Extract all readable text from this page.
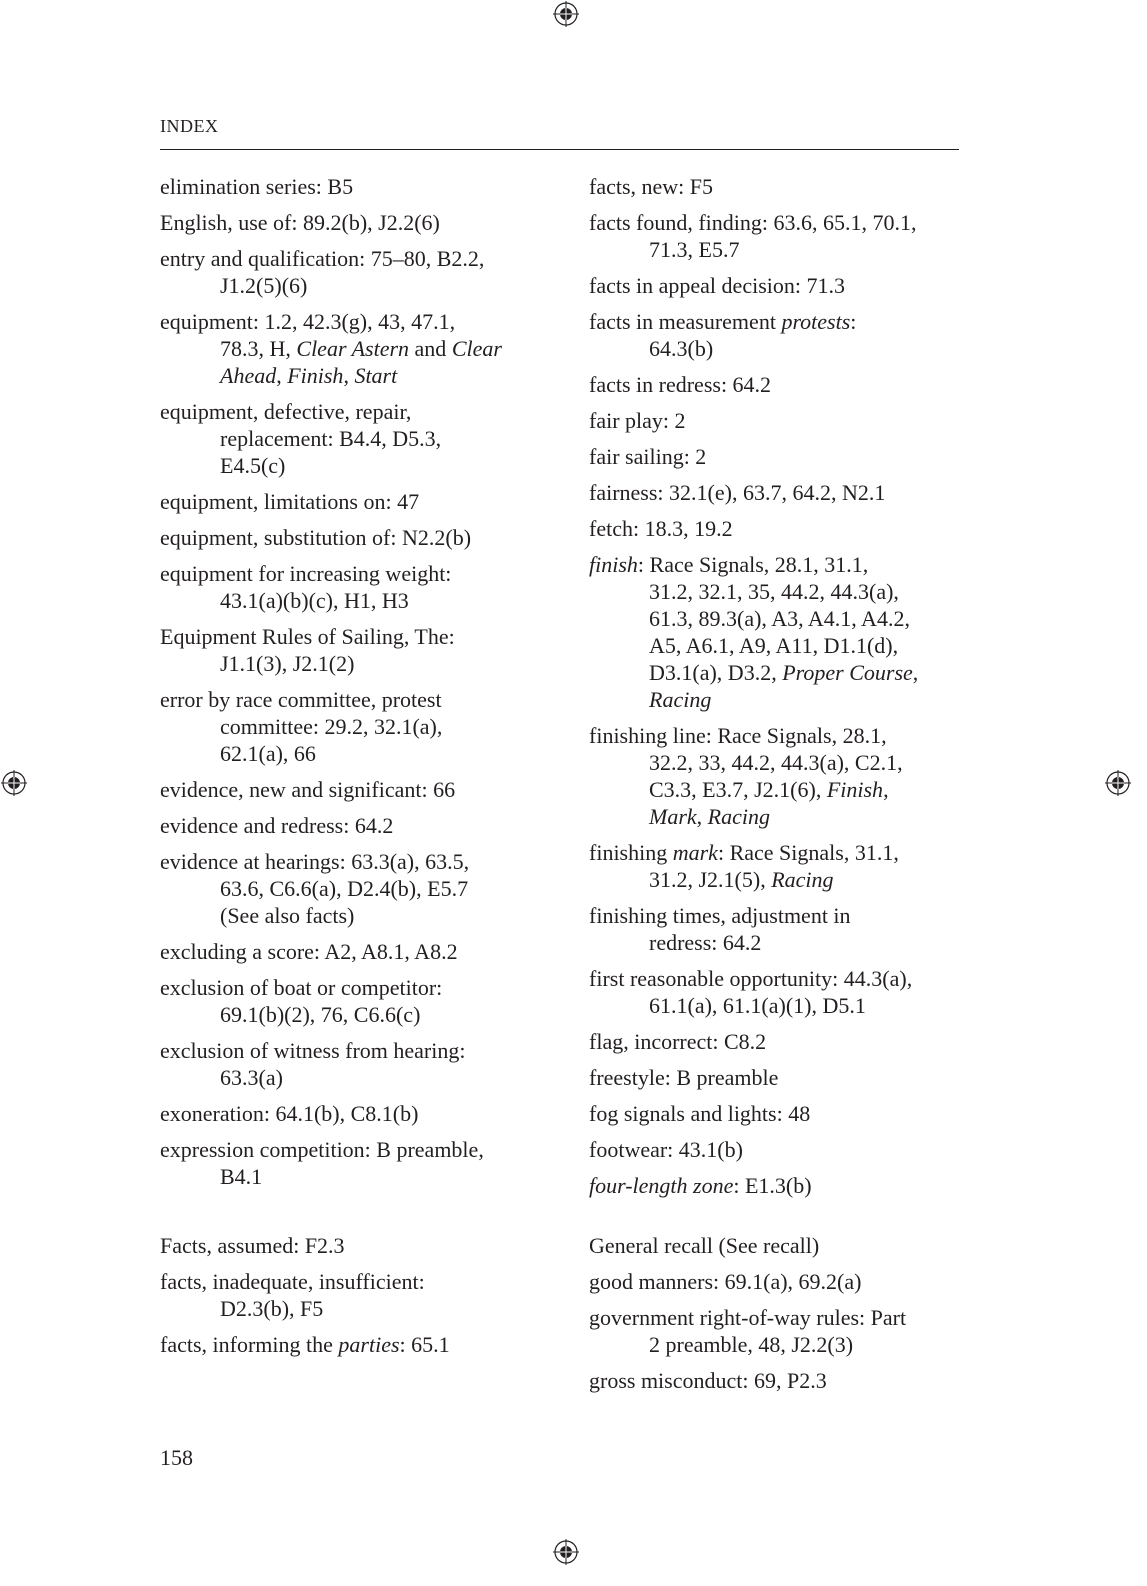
INDEX
elimination series: B5
English, use of: 89.2(b), J2.2(6)
entry and qualification: 75–80, B2.2,
J1.2(5)(6)
equipment: 1.2, 42.3(g), 43, 47.1,
78.3, H, Clear Astern and Clear
Ahead, Finish, Start
equipment, defective, repair,
replacement: B4.4, D5.3,
E4.5(c)
equipment, limitations on: 47
equipment, substitution of: N2.2(b)
equipment for increasing weight:
43.1(a)(b)(c), H1, H3
Equipment Rules of Sailing, The:
J1.1(3), J2.1(2)
error by race committee, protest
committee: 29.2, 32.1(a),
62.1(a), 66
evidence, new and significant: 66
evidence and redress: 64.2
evidence at hearings: 63.3(a), 63.5,
63.6, C6.6(a), D2.4(b), E5.7
(See also facts)
excluding a score: A2, A8.1, A8.2
exclusion of boat or competitor:
69.1(b)(2), 76, C6.6(c)
exclusion of witness from hearing:
63.3(a)
exoneration: 64.1(b), C8.1(b)
expression competition: B preamble,
B4.1
Facts, assumed: F2.3
facts, inadequate, insufficient:
D2.3(b), F5
facts, informing the parties: 65.1
facts, new: F5
facts found, finding: 63.6, 65.1, 70.1,
71.3, E5.7
facts in appeal decision: 71.3
facts in measurement protests:
64.3(b)
facts in redress: 64.2
fair play: 2
fair sailing: 2
fairness: 32.1(e), 63.7, 64.2, N2.1
fetch: 18.3, 19.2
finish: Race Signals, 28.1, 31.1,
31.2, 32.1, 35, 44.2, 44.3(a),
61.3, 89.3(a), A3, A4.1, A4.2,
A5, A6.1, A9, A11, D1.1(d),
D3.1(a), D3.2, Proper Course,
Racing
finishing line: Race Signals, 28.1,
32.2, 33, 44.2, 44.3(a), C2.1,
C3.3, E3.7, J2.1(6), Finish,
Mark, Racing
finishing mark: Race Signals, 31.1,
31.2, J2.1(5), Racing
finishing times, adjustment in
redress: 64.2
first reasonable opportunity: 44.3(a),
61.1(a), 61.1(a)(1), D5.1
flag, incorrect: C8.2
freestyle: B preamble
fog signals and lights: 48
footwear: 43.1(b)
four-length zone: E1.3(b)
General recall (See recall)
good manners: 69.1(a), 69.2(a)
government right-of-way rules: Part
2 preamble, 48, J2.2(3)
gross misconduct: 69, P2.3
158
